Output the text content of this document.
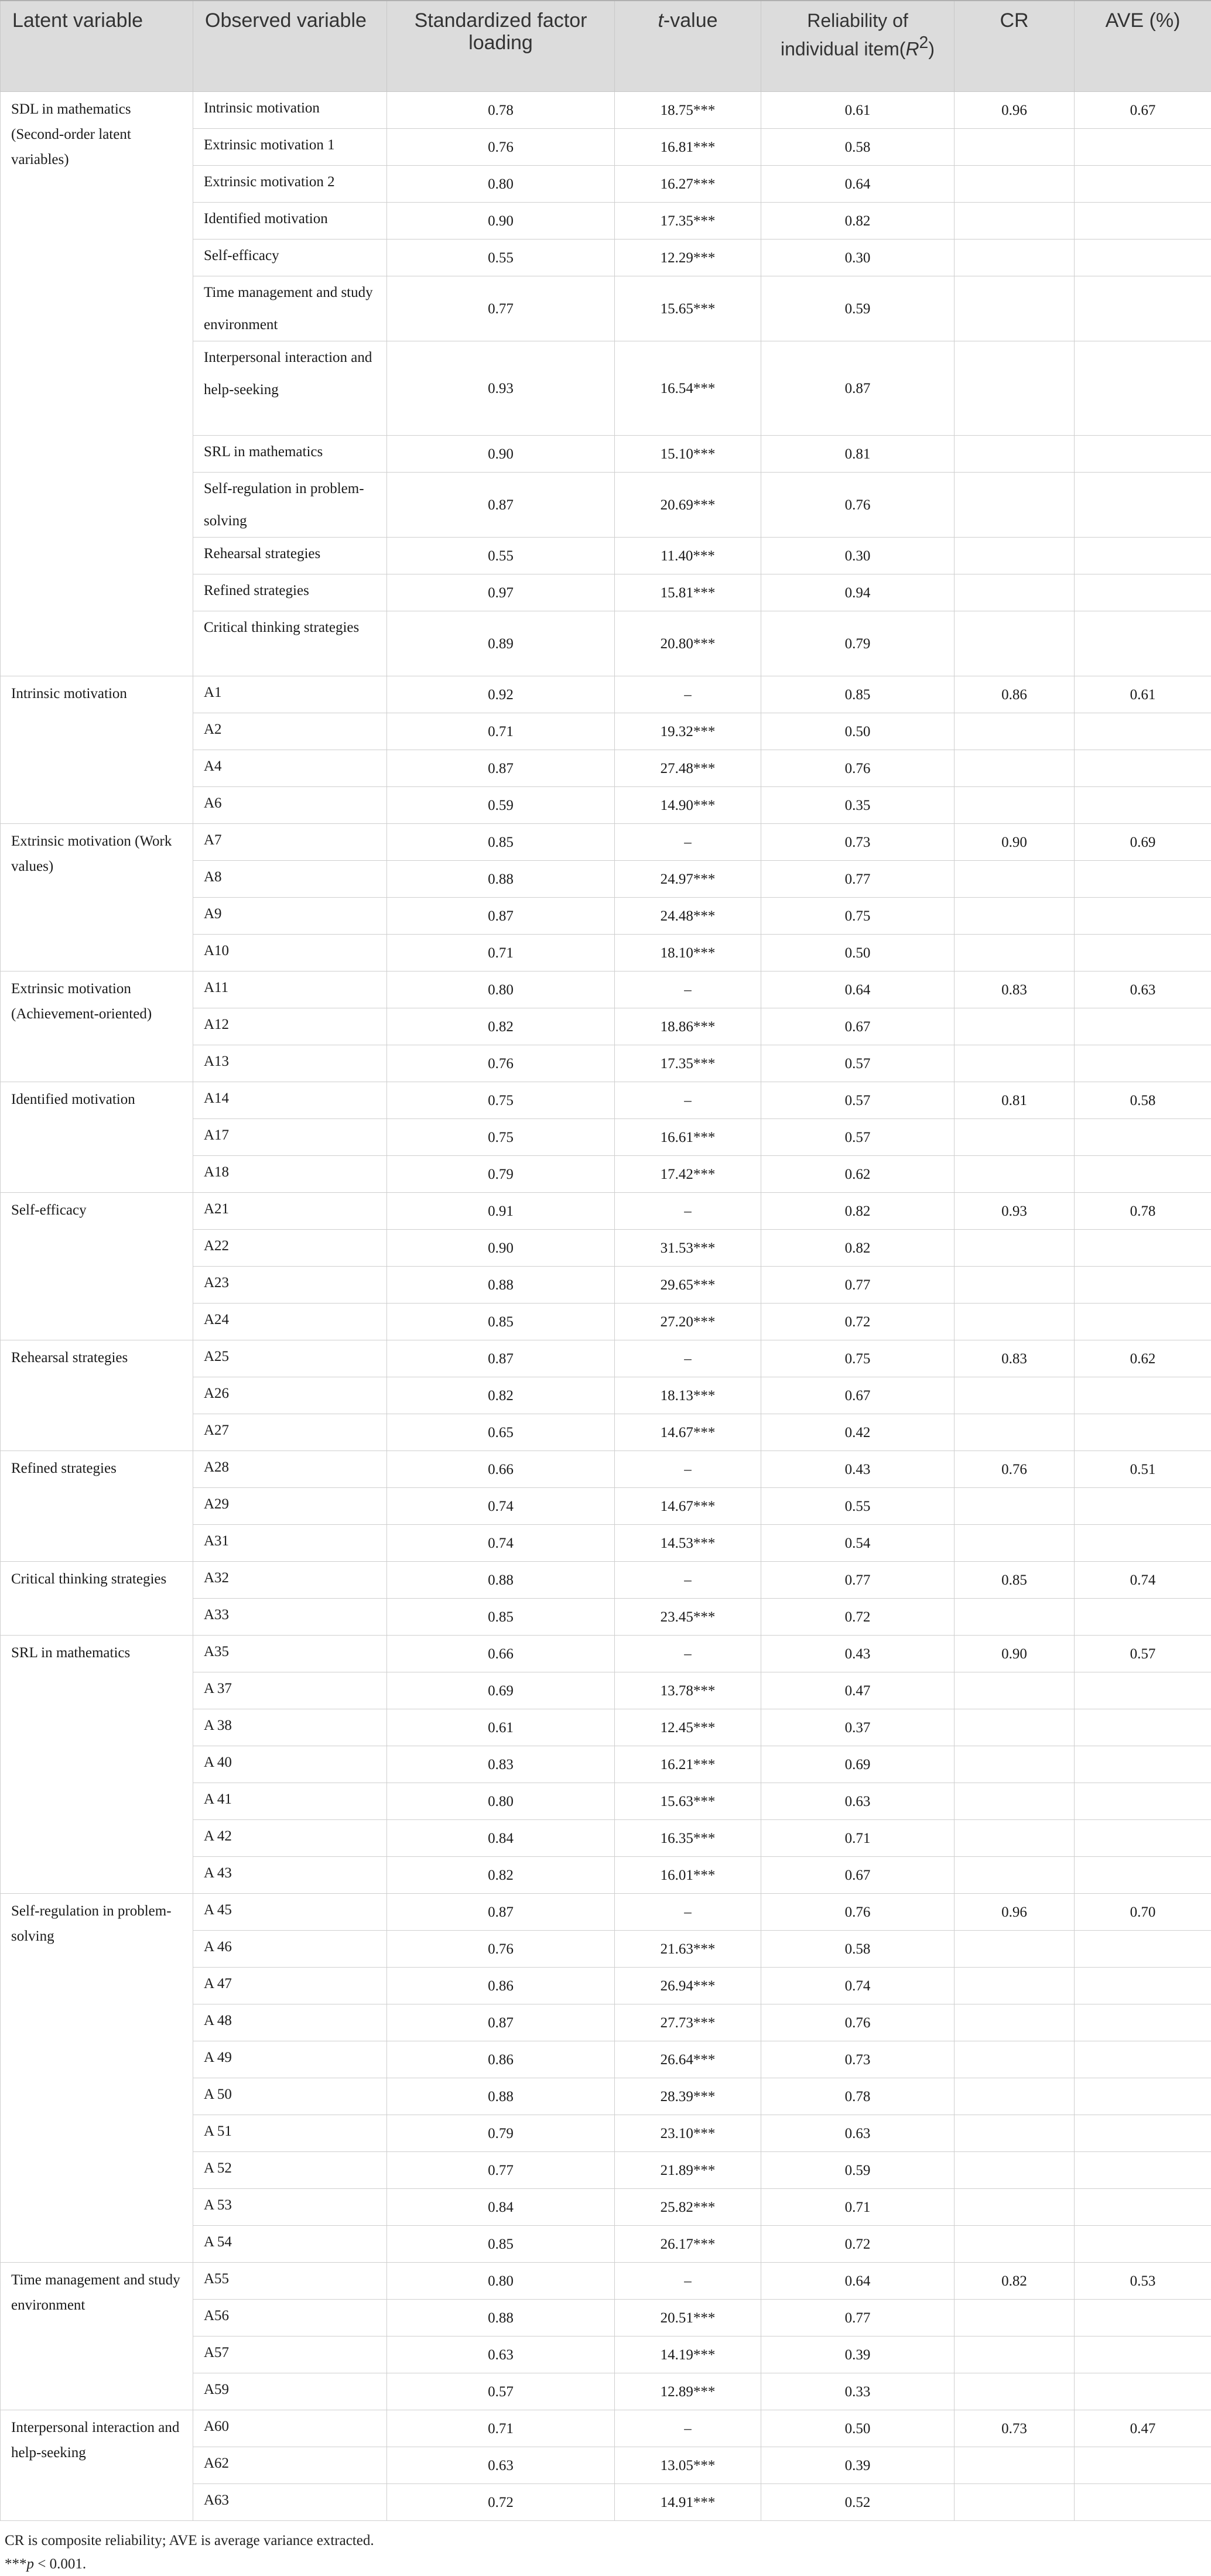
Latent variable	Observed variable	Standardized factor loading	t-value	Reliability of individual $item(R^2)$	CR	AVE (%)
SDL in mathematics (Second-order latent variables)	Intrinsic motivation	0.78	18.75***	0.61	0.96	0.67
	Extrinsic motivation 1	0.76	16.81***	0.58		
	Extrinsic motivation 2	0.80	16.27***	0.64		
	Identified motivation	0.90	17.35***	0.82		
	Self-efficacy	0.55	12.29***	0.30		
	Time management and study environment	0.77	15.65***	0.59		
	Interpersonal interaction and help-seeking	0.93	16.54***	0.87		
	SRL in mathematics	0.90	15.10***	0.81		
	Self-regulation in problem-solving	0.87	20.69***	0.76		
	Rehearsal strategies	0.55	11.40***	0.30		
	Refined strategies	0.97	15.81***	0.94		
	Critical thinking strategies	0.89	20.80***	0.79		
Intrinsic motivation	A1	0.92	–	0.85	0.86	0.61
	A2	0.71	19.32***	0.50		
	A4	0.87	27.48***	0.76		
	A6	0.59	14.90***	0.35		
Extrinsic motivation (Work values)	A7	0.85	–	0.73	0.90	0.69
	A8	0.88	24.97***	0.77		
	A9	0.87	24.48***	0.75		
	A10	0.71	18.10***	0.50		
Extrinsic motivation (Achievement-oriented)	A11	0.80	–	0.64	0.83	0.63
	A12	0.82	18.86***	0.67		
	A13	0.76	17.35***	0.57		
Identified motivation	A14	0.75	–	0.57	0.81	0.58
	A17	0.75	16.61***	0.57		
	A18	0.79	17.42***	0.62		
Self-efficacy	A21	0.91	–	0.82	0.93	0.78
	A22	0.90	31.53***	0.82		
	A23	0.88	29.65***	0.77		
	A24	0.85	27.20***	0.72		
Rehearsal strategies	A25	0.87	–	0.75	0.83	0.62
	A26	0.82	18.13***	0.67		
	A27	0.65	14.67***	0.42		
Refined strategies	A28	0.66	–	0.43	0.76	0.51
	A29	0.74	14.67***	0.55		
	A31	0.74	14.53***	0.54		
Critical thinking strategies	A32	0.88	–	0.77	0.85	0.74
	A33	0.85	23.45***	0.72		
SRL in mathematics	A35	0.66	–	0.43	0.90	0.57
	A 37	0.69	13.78***	0.47		
	A 38	0.61	12.45***	0.37		
	A 40	0.83	16.21***	0.69		
	A 41	0.80	15.63***	0.63		
	A 42	0.84	16.35***	0.71		
	A 43	0.82	16.01***	0.67		
Self-regulation in problem-solving	A 45	0.87	–	0.76	0.96	0.70
	A 46	0.76	21.63***	0.58		
	A 47	0.86	26.94***	0.74		
	A 48	0.87	27.73***	0.76		
	A 49	0.86	26.64***	0.73		
	A 50	0.88	28.39***	0.78		
	A 51	0.79	23.10***	0.63		
	A 52	0.77	21.89***	0.59		
	A 53	0.84	25.82***	0.71		
	A 54	0.85	26.17***	0.72		
Time management and study environment	A55	0.80	–	0.64	0.82	0.53
	A56	0.88	20.51***	0.77		
	A57	0.63	14.19***	0.39		
	A59	0.57	12.89***	0.33		
Interpersonal interaction and help-seeking	A60	0.71	–	0.50	0.73	0.47
	A62	0.63	13.05***	0.39		
	A63	0.72	14.91***	0.52		
CR is composite reliability; AVE is average variance extracted.
***p < 0.001.
